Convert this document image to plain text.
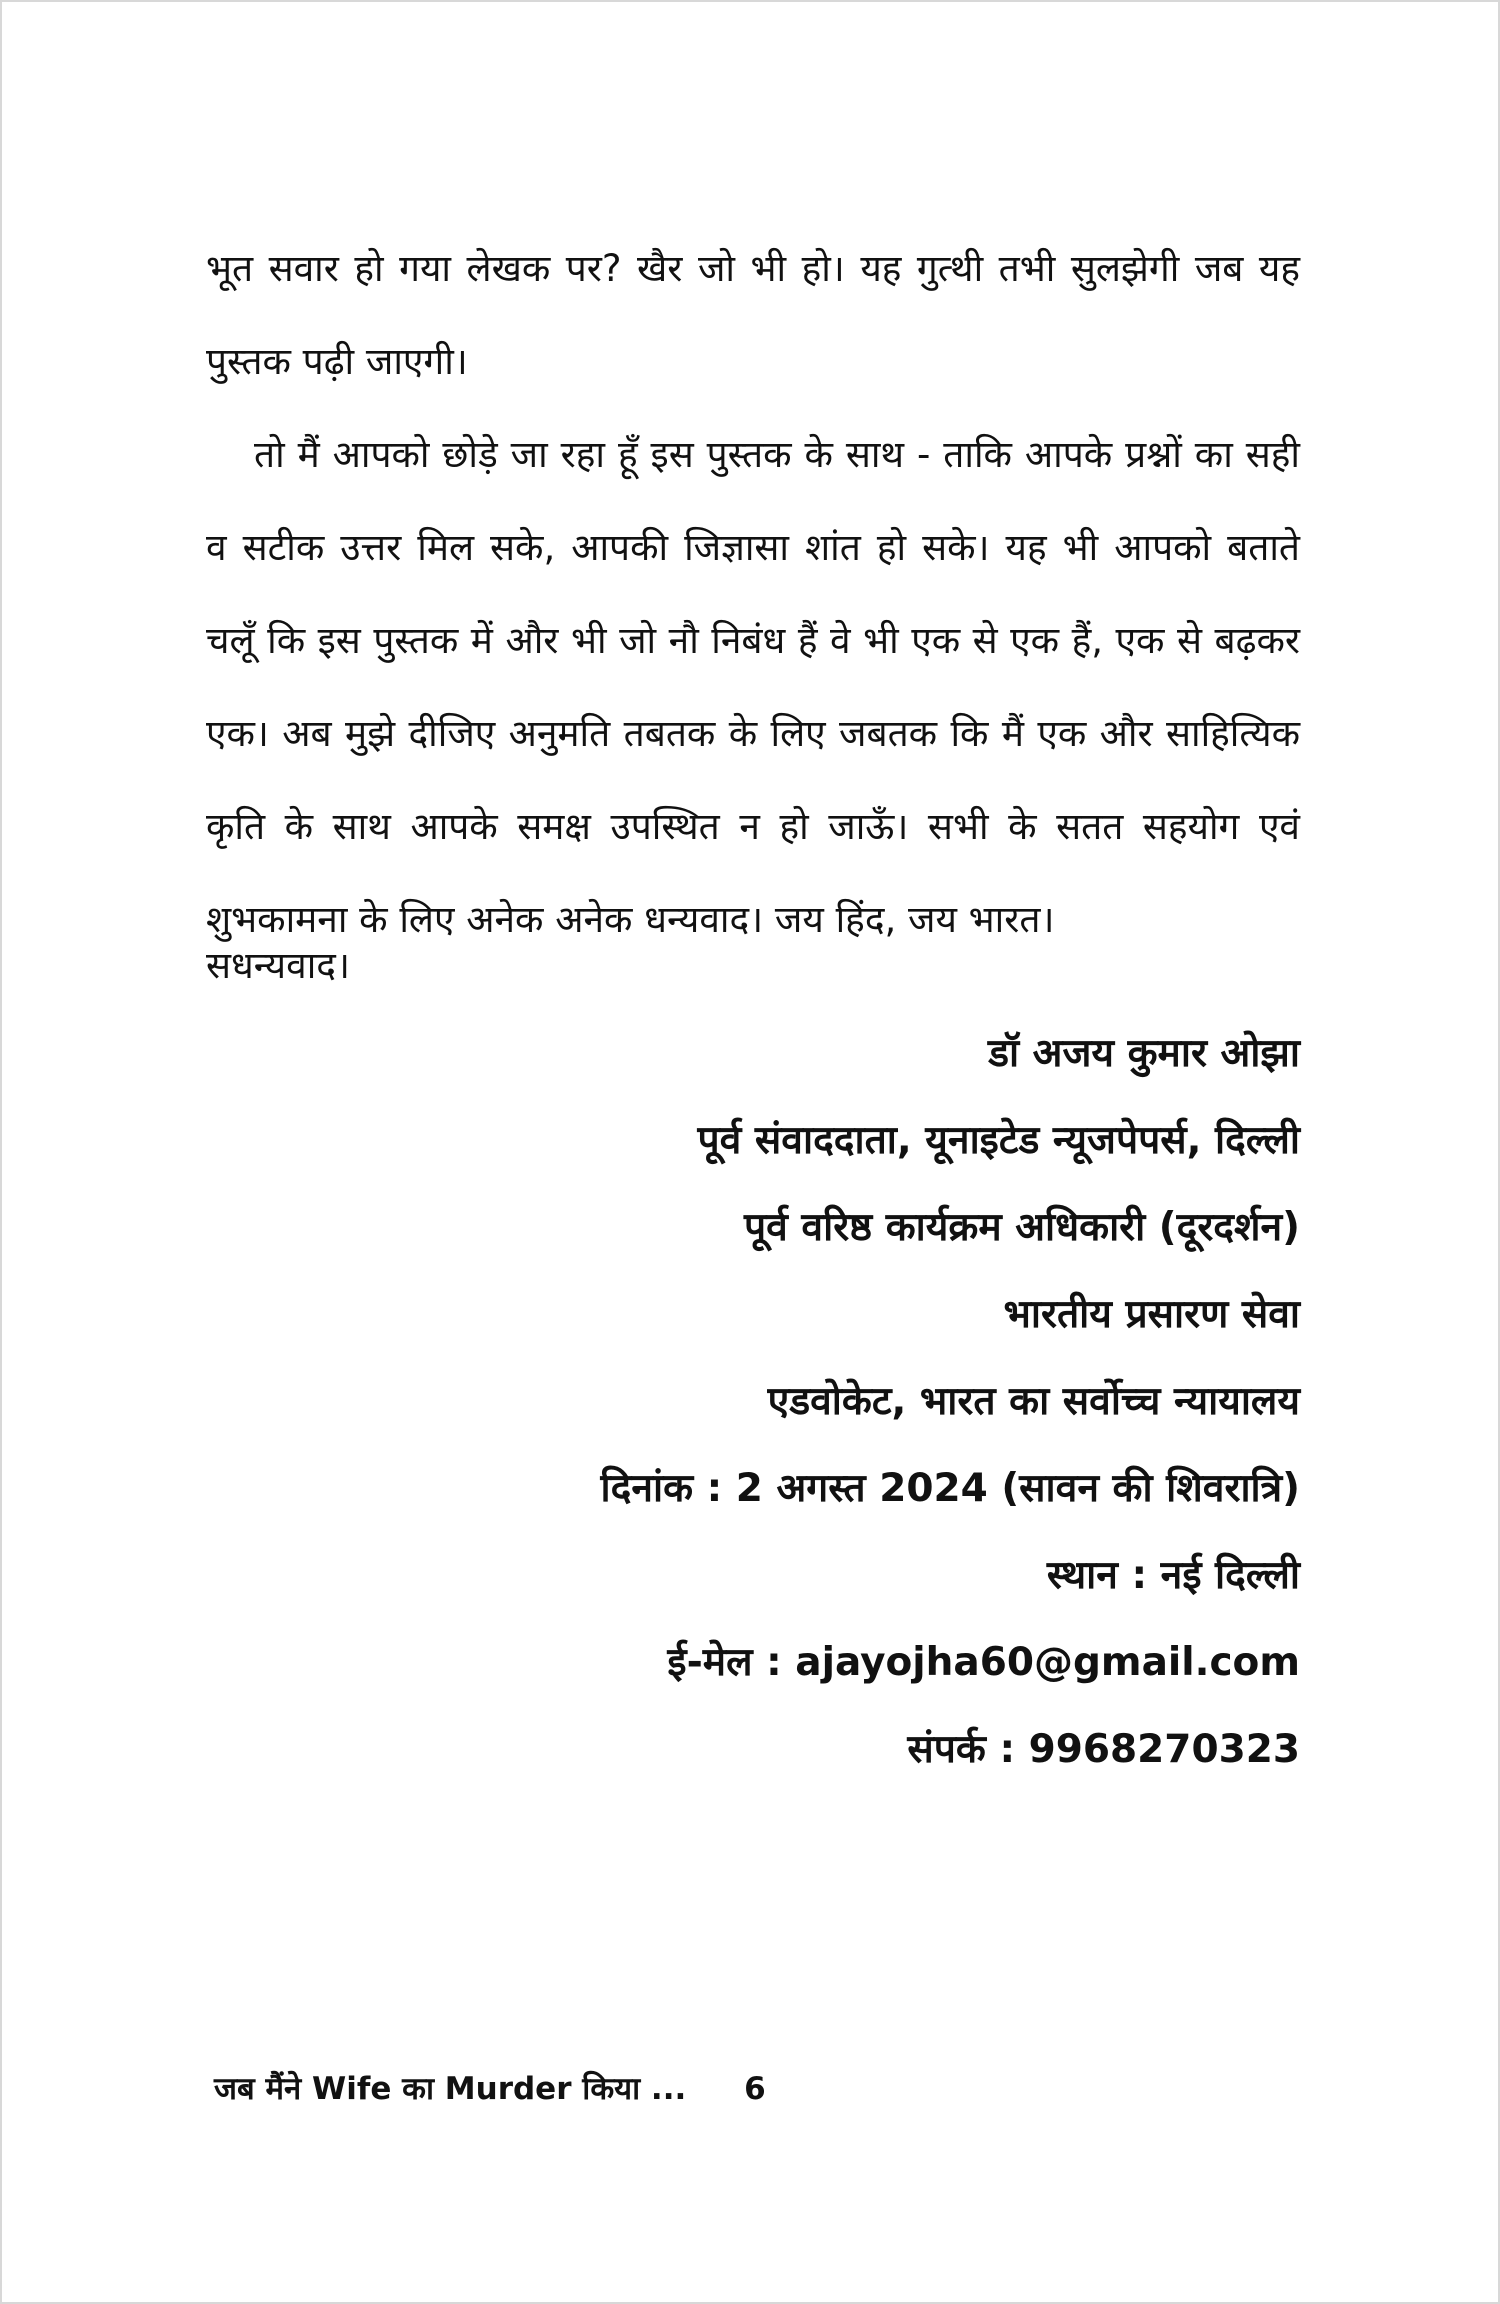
भूत सवार हो गया लेखक पर? खैर जो भी हो। यह गुत्थी तभी सुलझेगी जब यह पुस्तक पढ़ी जाएगी।

तो मैं आपको छोड़े जा रहा हूँ इस पुस्तक के साथ - ताकि आपके प्रश्नों का सही व सटीक उत्तर मिल सके, आपकी जिज्ञासा शांत हो सके। यह भी आपको बताते चलूँ कि इस पुस्तक में और भी जो नौ निबंध हैं वे भी एक से एक हैं, एक से बढ़कर एक। अब मुझे दीजिए अनुमति तबतक के लिए जबतक कि मैं एक और साहित्यिक कृति के साथ आपके समक्ष उपस्थित न हो जाऊँ। सभी के सतत सहयोग एवं शुभकामना के लिए अनेक अनेक धन्यवाद। जय हिंद, जय भारत।

सधन्यवाद।
डॉ अजय कुमार ओझा
पूर्व संवाददाता, यूनाइटेड न्यूजपेपर्स, दिल्ली
पूर्व वरिष्ठ कार्यक्रम अधिकारी (दूरदर्शन)
भारतीय प्रसारण सेवा
एडवोकेट, भारत का सर्वोच्च न्यायालय
दिनांक : 2 अगस्त 2024 (सावन की शिवरात्रि)
स्थान : नई दिल्ली
ई-मेल : ajayojha60@gmail.com
संपर्क : 9968270323
जब मैंने Wife का Murder किया ... 6
